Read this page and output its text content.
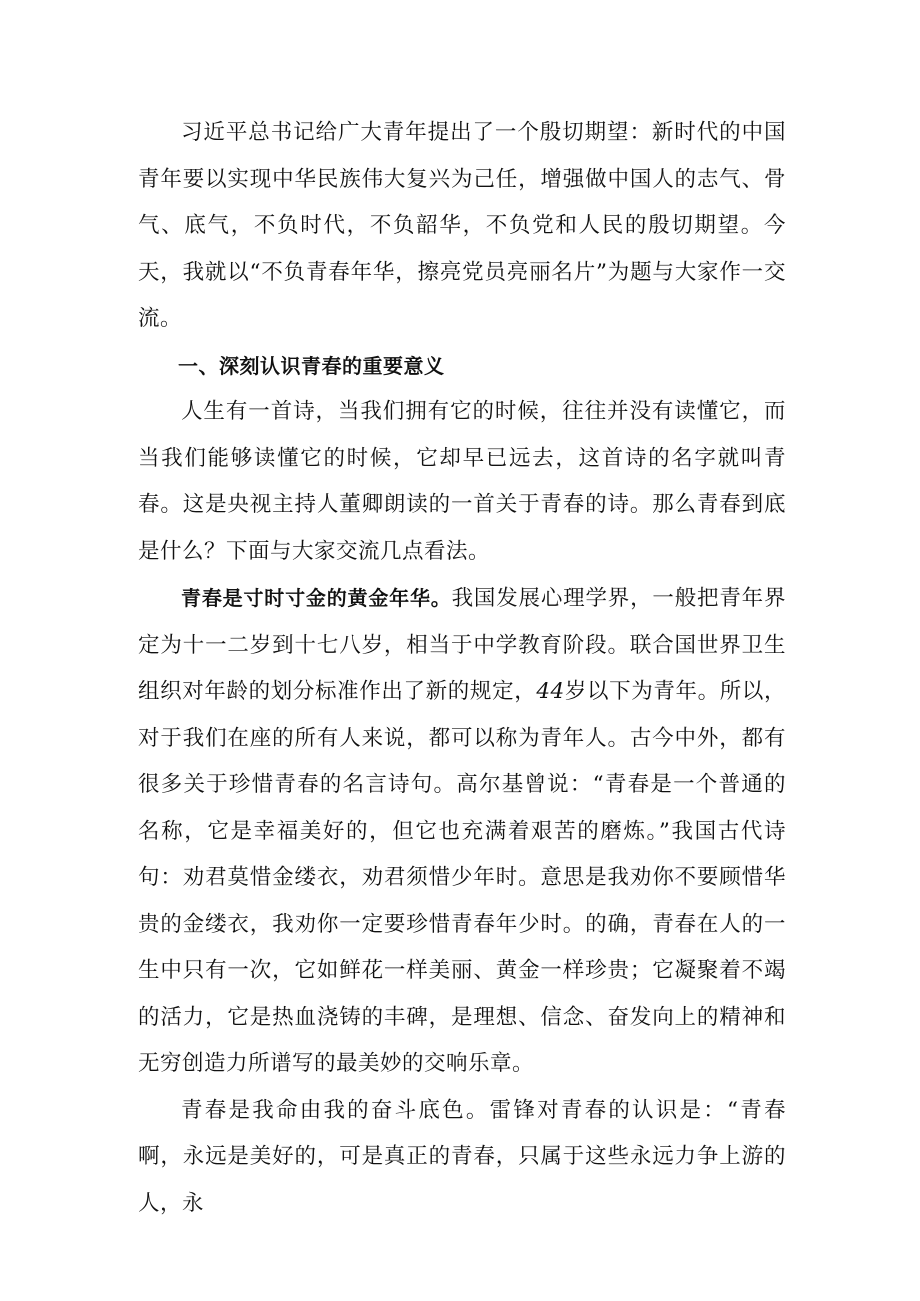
习近平总书记给广大青年提出了一个殷切期望：新时代的中国青年要以实现中华民族伟大复兴为己任，增强做中国人的志气、骨气、底气，不负时代，不负韶华，不负党和人民的殷切期望。今天，我就以“不负青春年华，擦亮党员亮丽名片”为题与大家作一交流。

一、深刻认识青春的重要意义

人生有一首诗，当我们拥有它的时候，往往并没有读懂它，而当我们能够读懂它的时候，它却早已远去，这首诗的名字就叫青春。这是央视主持人董卿朗读的一首关于青春的诗。那么青春到底是什么？下面与大家交流几点看法。

青春是寸时寸金的黄金年华。我国发展心理学界，一般把青年界定为十一二岁到十七八岁，相当于中学教育阶段。联合国世界卫生组织对年龄的划分标准作出了新的规定，44岁以下为青年。所以，对于我们在座的所有人来说，都可以称为青年人。古今中外，都有很多关于珍惜青春的名言诗句。高尔基曾说：“青春是一个普通的名称，它是幸福美好的，但它也充满着艰苦的磨炼。”我国古代诗句：劝君莫惜金缕衣，劝君须惜少年时。意思是我劝你不要顾惜华贵的金缕衣，我劝你一定要珍惜青春年少时。的确，青春在人的一生中只有一次，它如鲜花一样美丽、黄金一样珍贵；它凝聚着不竭的活力，它是热血浇铸的丰碑，是理想、信念、奋发向上的精神和无穷创造力所谱写的最美妙的交响乐章。

青春是我命由我的奋斗底色。雷锋对青春的认识是：“青春啊，永远是美好的，可是真正的青春，只属于这些永远力争上游的人，永
